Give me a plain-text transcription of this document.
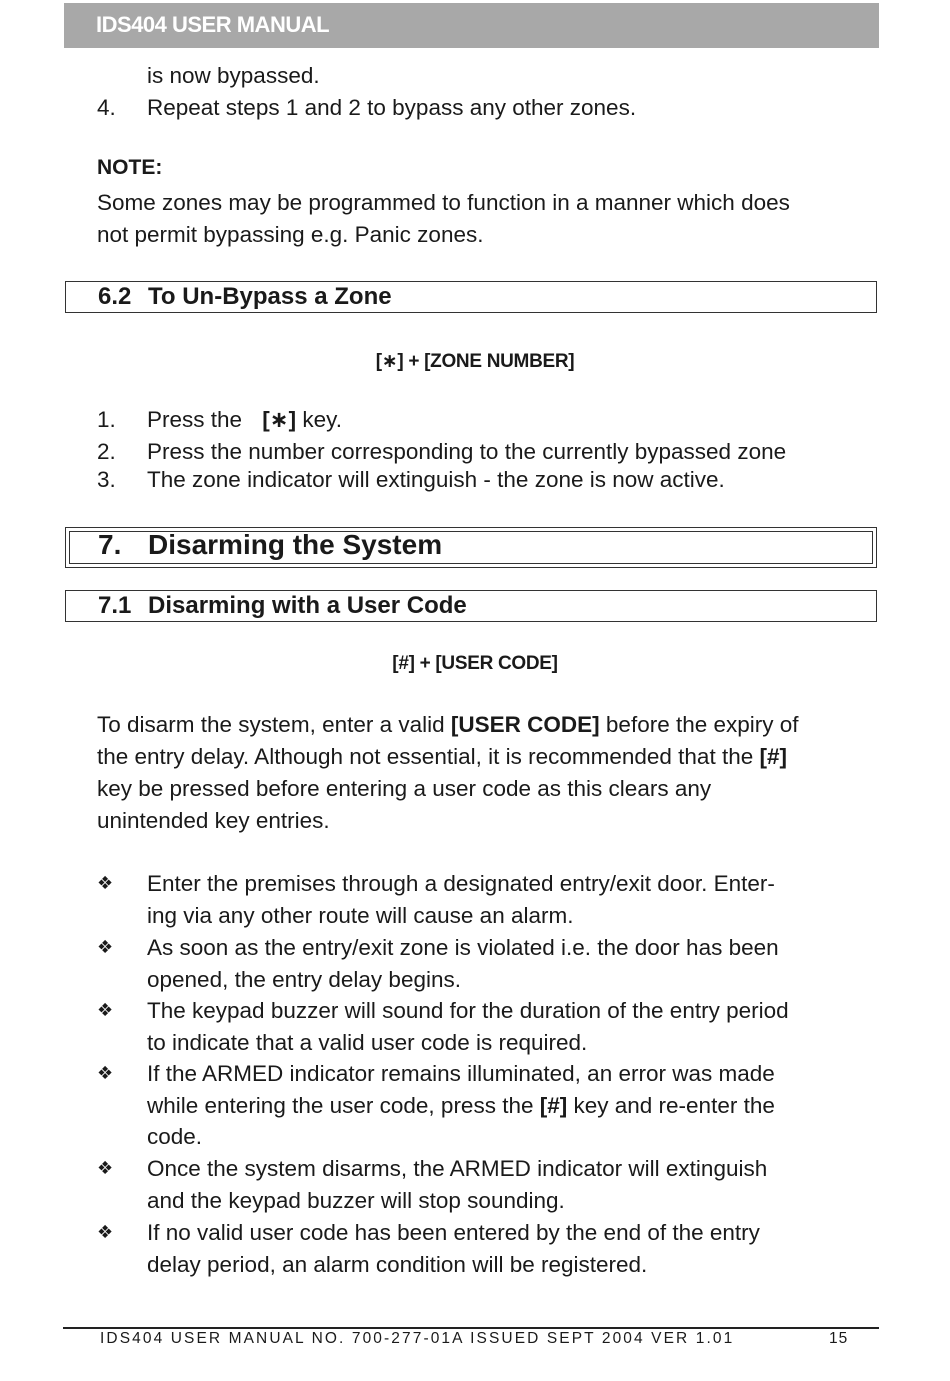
IDS404 USER MANUAL
is now bypassed.
4.	Repeat steps 1 and 2 to bypass any other zones.
NOTE:
Some zones may be programmed to function in a manner which does
not permit bypassing e.g. Panic zones.
6.2 To Un-Bypass a Zone
[∗] + [ZONE NUMBER]
1.	Press the [∗] key.
2.	Press the number corresponding to the currently bypassed zone
3.	The zone indicator will extinguish - the zone is now active.
7. Disarming the System
7.1 Disarming with a User Code
[#] + [USER CODE]
To disarm the system, enter a valid [USER CODE] before the expiry of
the entry delay. Although not essential, it is recommended that the [#]
key be pressed before entering a user code as this clears any
unintended key entries.
❖	Enter the premises through a designated entry/exit door. Enter-
ing via any other route will cause an alarm.
❖	As soon as the entry/exit zone is violated i.e. the door has been
opened, the entry delay begins.
❖	The keypad buzzer will sound for the duration of the entry period
to indicate that a valid user code is required.
❖	If the ARMED indicator remains illuminated, an error was made
while entering the user code, press the [#] key and re-enter the
code.
❖	Once the system disarms, the ARMED indicator will extinguish
and the keypad buzzer will stop sounding.
❖	If no valid user code has been entered by the end of the entry
delay period, an alarm condition will be registered.
IDS404 USER MANUAL NO. 700-277-01A ISSUED SEPT 2004 VER 1.01	15
